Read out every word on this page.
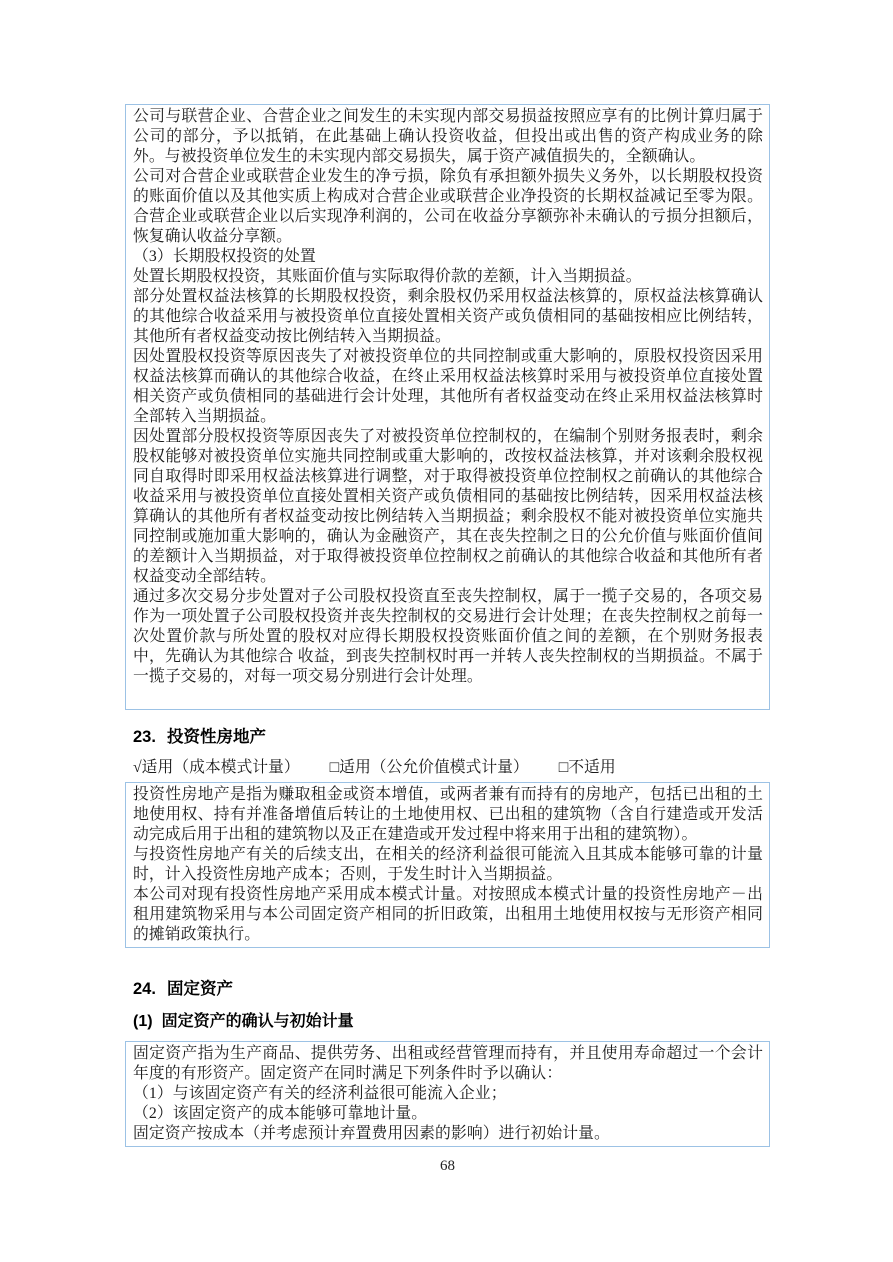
公司与联营企业、合营企业之间发生的未实现内部交易损益按照应享有的比例计算归属于公司的部分，予以抵销，在此基础上确认投资收益，但投出或出售的资产构成业务的除外。与被投资单位发生的未实现内部交易损失，属于资产减值损失的，全额确认。

公司对合营企业或联营企业发生的净亏损，除负有承担额外损失义务外，以长期股权投资的账面价值以及其他实质上构成对合营企业或联营企业净投资的长期权益减记至零为限。合营企业或联营企业以后实现净利润的，公司在收益分享额弥补未确认的亏损分担额后，恢复确认收益分享额。

（3）长期股权投资的处置

处置长期股权投资，其账面价值与实际取得价款的差额，计入当期损益。

部分处置权益法核算的长期股权投资，剩余股权仍采用权益法核算的，原权益法核算确认的其他综合收益采用与被投资单位直接处置相关资产或负债相同的基础按相应比例结转，其他所有者权益变动按比例结转入当期损益。

因处置股权投资等原因丧失了对被投资单位的共同控制或重大影响的，原股权投资因采用权益法核算而确认的其他综合收益，在终止采用权益法核算时采用与被投资单位直接处置相关资产或负债相同的基础进行会计处理，其他所有者权益变动在终止采用权益法核算时全部转入当期损益。

因处置部分股权投资等原因丧失了对被投资单位控制权的，在编制个别财务报表时，剩余股权能够对被投资单位实施共同控制或重大影响的，改按权益法核算，并对该剩余股权视同自取得时即采用权益法核算进行调整，对于取得被投资单位控制权之前确认的其他综合收益采用与被投资单位直接处置相关资产或负债相同的基础按比例结转，因采用权益法核算确认的其他所有者权益变动按比例结转入当期损益；剩余股权不能对被投资单位实施共同控制或施加重大影响的，确认为金融资产，其在丧失控制之日的公允价值与账面价值间的差额计入当期损益，对于取得被投资单位控制权之前确认的其他综合收益和其他所有者权益变动全部结转。

通过多次交易分步处置对子公司股权投资直至丧失控制权，属于一揽子交易的，各项交易作为一项处置子公司股权投资并丧失控制权的交易进行会计处理；在丧失控制权之前每一次处置价款与所处置的股权对应得长期股权投资账面价值之间的差额，在个别财务报表中，先确认为其他综合 收益，到丧失控制权时再一并转人丧失控制权的当期损益。不属于一揽子交易的，对每一项交易分别进行会计处理。

23. 投资性房地产
√适用（成本模式计量） □适用（公允价值模式计量） □不适用

投资性房地产是指为赚取租金或资本增值，或两者兼有而持有的房地产，包括已出租的土地使用权、持有并准备增值后转让的土地使用权、已出租的建筑物（含自行建造或开发活动完成后用于出租的建筑物以及正在建造或开发过程中将来用于出租的建筑物）。

与投资性房地产有关的后续支出，在相关的经济利益很可能流入且其成本能够可靠的计量时，计入投资性房地产成本；否则，于发生时计入当期损益。

本公司对现有投资性房地产采用成本模式计量。对按照成本模式计量的投资性房地产－出租用建筑物采用与本公司固定资产相同的折旧政策，出租用土地使用权按与无形资产相同的摊销政策执行。

24. 固定资产
(1) 固定资产的确认与初始计量

固定资产指为生产商品、提供劳务、出租或经营管理而持有，并且使用寿命超过一个会计年度的有形资产。固定资产在同时满足下列条件时予以确认：

（1）与该固定资产有关的经济利益很可能流入企业；

（2）该固定资产的成本能够可靠地计量。

固定资产按成本（并考虑预计弃置费用因素的影响）进行初始计量。

68
